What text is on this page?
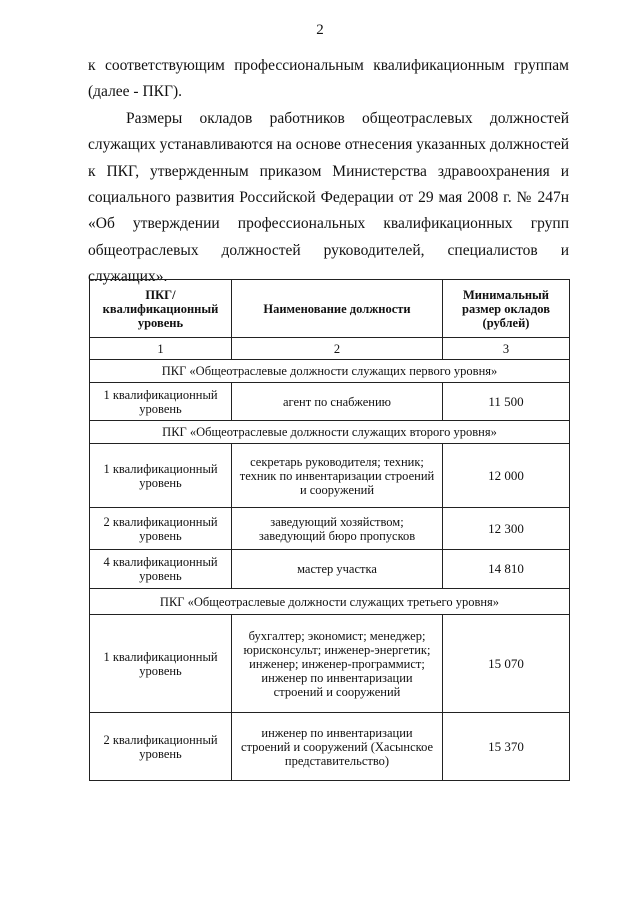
2

к соответствующим профессиональным квалификационным группам (далее - ПКГ).

Размеры окладов работников общеотраслевых должностей служащих устанавливаются на основе отнесения указанных должностей к ПКГ, утвержденным приказом Министерства здравоохранения и социального развития Российской Федерации от 29 мая 2008 г. № 247н «Об утверждении профессиональных квалификационных групп общеотраслевых должностей руководителей, специалистов и служащих».

ПКГ/ квалификационный уровень	Наименование должности	Минимальный размер окладов (рублей)
1	2	3
ПКГ «Общеотраслевые должности служащих первого уровня»		
1 квалификационный уровень	агент по снабжению	11 500
ПКГ «Общеотраслевые должности служащих второго уровня»		
1 квалификационный уровень	секретарь руководителя; техник; техник по инвентаризации строений и сооружений	12 000
2 квалификационный уровень	заведующий хозяйством; заведующий бюро пропусков	12 300
4 квалификационный уровень	мастер участка	14 810
ПКГ «Общеотраслевые должности служащих третьего уровня»		
1 квалификационный уровень	бухгалтер; экономист; менеджер; юрисконсульт; инженер-энергетик; инженер; инженер-программист; инженер по инвентаризации строений и сооружений	15 070
2 квалификационный уровень	инженер по инвентаризации строений и сооружений (Хасынское представительство)	15 370
